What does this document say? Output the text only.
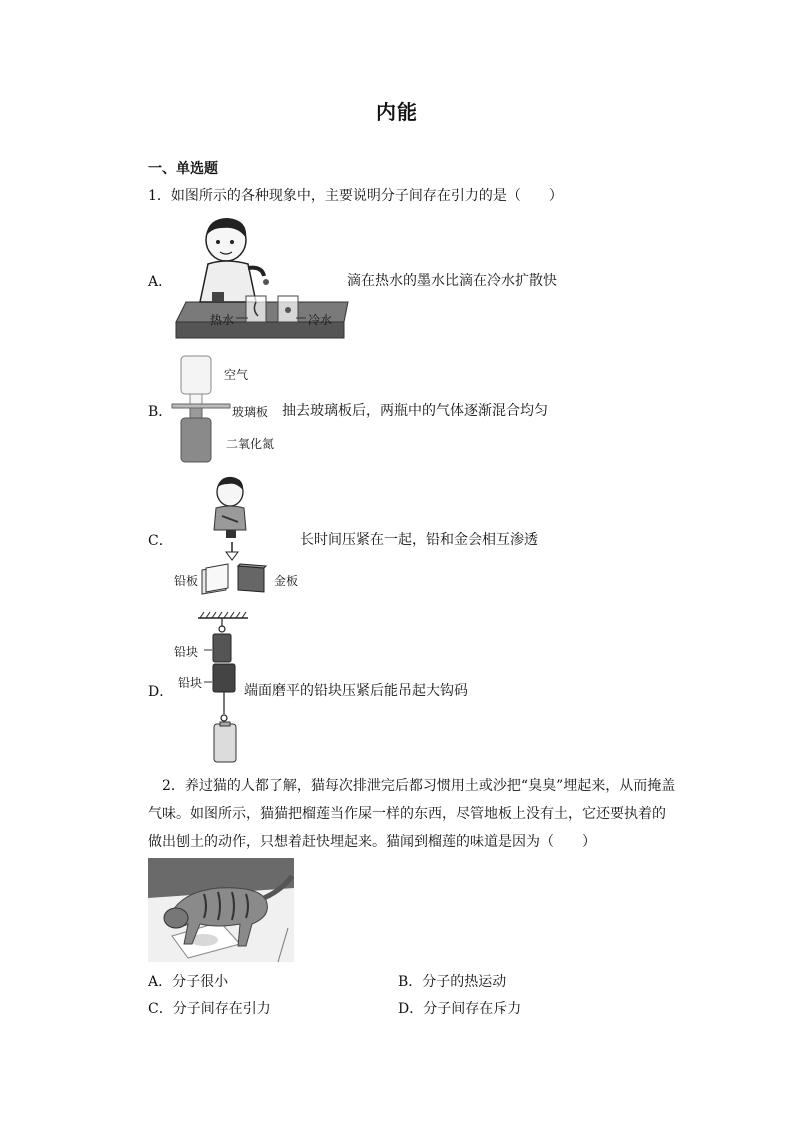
内能
一、单选题
1．如图所示的各种现象中，主要说明分子间存在引力的是（　　）
A．
热水	冷水
滴在热水的墨水比滴在冷水扩散快
B．
空气
玻璃板
二氧化氮
抽去玻璃板后，两瓶中的气体逐渐混合均匀
C．
铅板	金板
长时间压紧在一起，铅和金会相互渗透
D．
铅块
铅块	端面磨平的铅块压紧后能吊起大钩码
2．养过猫的人都了解，猫每次排泄完后都习惯用土或沙把“臭臭”埋起来，从而掩盖气味。如图所示，猫猫把榴莲当作屎一样的东西，尽管地板上没有土，它还要执着的做出刨土的动作，只想着赶快埋起来。猫闻到榴莲的味道是因为（　　）
A．分子很小	B．分子的热运动
C．分子间存在引力	D．分子间存在斥力
